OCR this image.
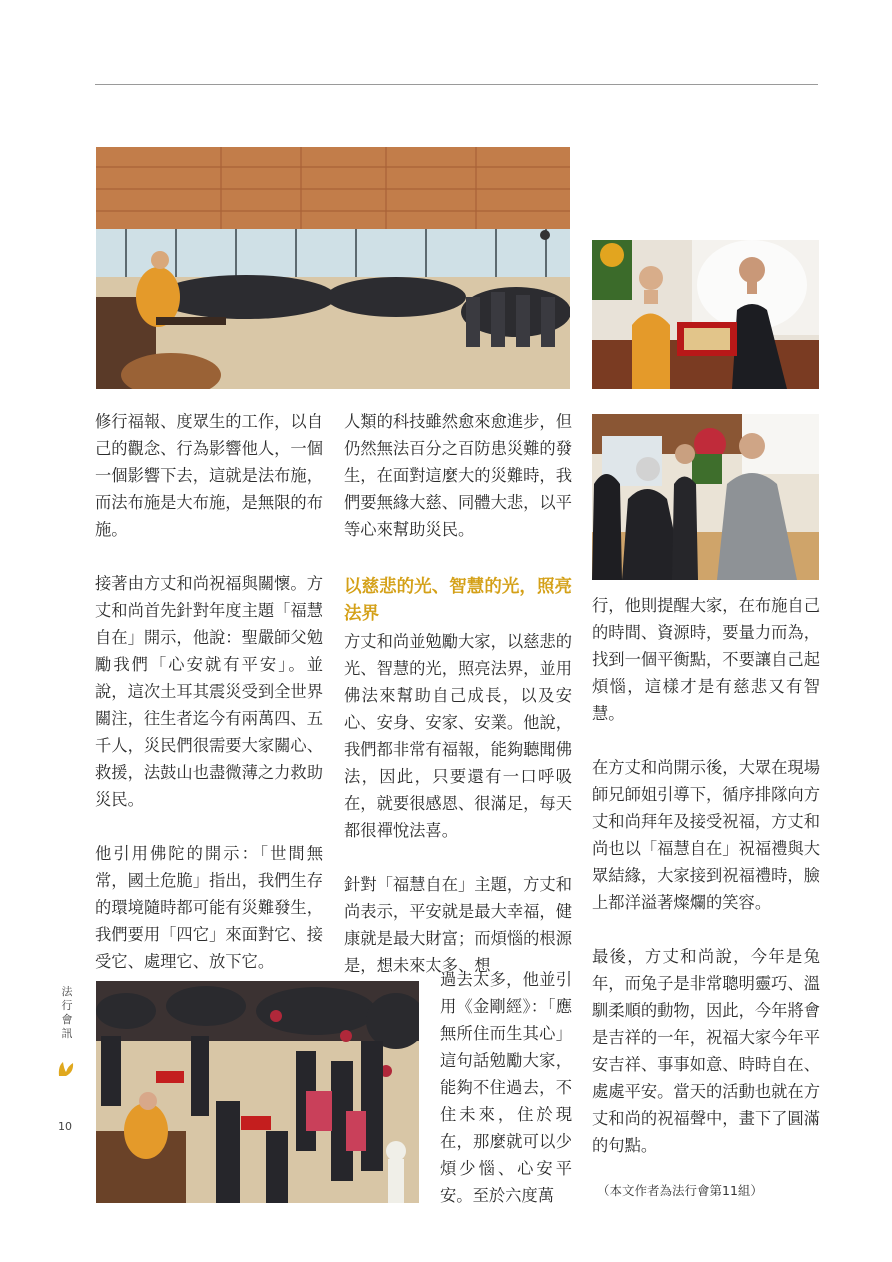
修行福報、度眾生的工作，以自己的觀念、行為影響他人，一個一個影響下去，這就是法布施，而法布施是大布施，是無限的布施。

接著由方丈和尚祝福與關懷。方丈和尚首先針對年度主題「福慧自在」開示，他說：聖嚴師父勉勵我們「心安就有平安」。並說，這次土耳其震災受到全世界關注，往生者迄今有兩萬四、五千人，災民們很需要大家關心、救援，法鼓山也盡微薄之力救助災民。

他引用佛陀的開示：「世間無常，國土危脆」指出，我們生存的環境隨時都可能有災難發生，我們要用「四它」來面對它、接受它、處理它、放下它。

人類的科技雖然愈來愈進步，但仍然無法百分之百防患災難的發生，在面對這麼大的災難時，我們要無緣大慈、同體大悲，以平等心來幫助災民。

以慈悲的光、智慧的光，照亮法界

方丈和尚並勉勵大家，以慈悲的光、智慧的光，照亮法界，並用佛法來幫助自己成長，以及安心、安身、安家、安業。他說，我們都非常有福報，能夠聽聞佛法，因此，只要還有一口呼吸在，就要很感恩、很滿足，每天都很禪悅法喜。

針對「福慧自在」主題，方丈和尚表示，平安就是最大幸福，健康就是最大財富；而煩惱的根源是，想未來太多、想

過去太多，他並引用《金剛經》：「應無所住而生其心」這句話勉勵大家，能夠不住過去，不住未來，住於現在，那麼就可以少煩少惱、心安平安。至於六度萬

行，他則提醒大家，在布施自己的時間、資源時，要量力而為，找到一個平衡點，不要讓自己起煩惱，這樣才是有慈悲又有智慧。

在方丈和尚開示後，大眾在現場師兄師姐引導下，循序排隊向方丈和尚拜年及接受祝福，方丈和尚也以「福慧自在」祝福禮與大眾結緣，大家接到祝福禮時，臉上都洋溢著燦爛的笑容。

最後，方丈和尚說，今年是兔年，而兔子是非常聰明靈巧、溫馴柔順的動物，因此，今年將會是吉祥的一年，祝福大家今年平安吉祥、事事如意、時時自在、處處平安。當天的活動也就在方丈和尚的祝福聲中，畫下了圓滿的句點。

（本文作者為法行會第11組）
法
行
會
訊
10
